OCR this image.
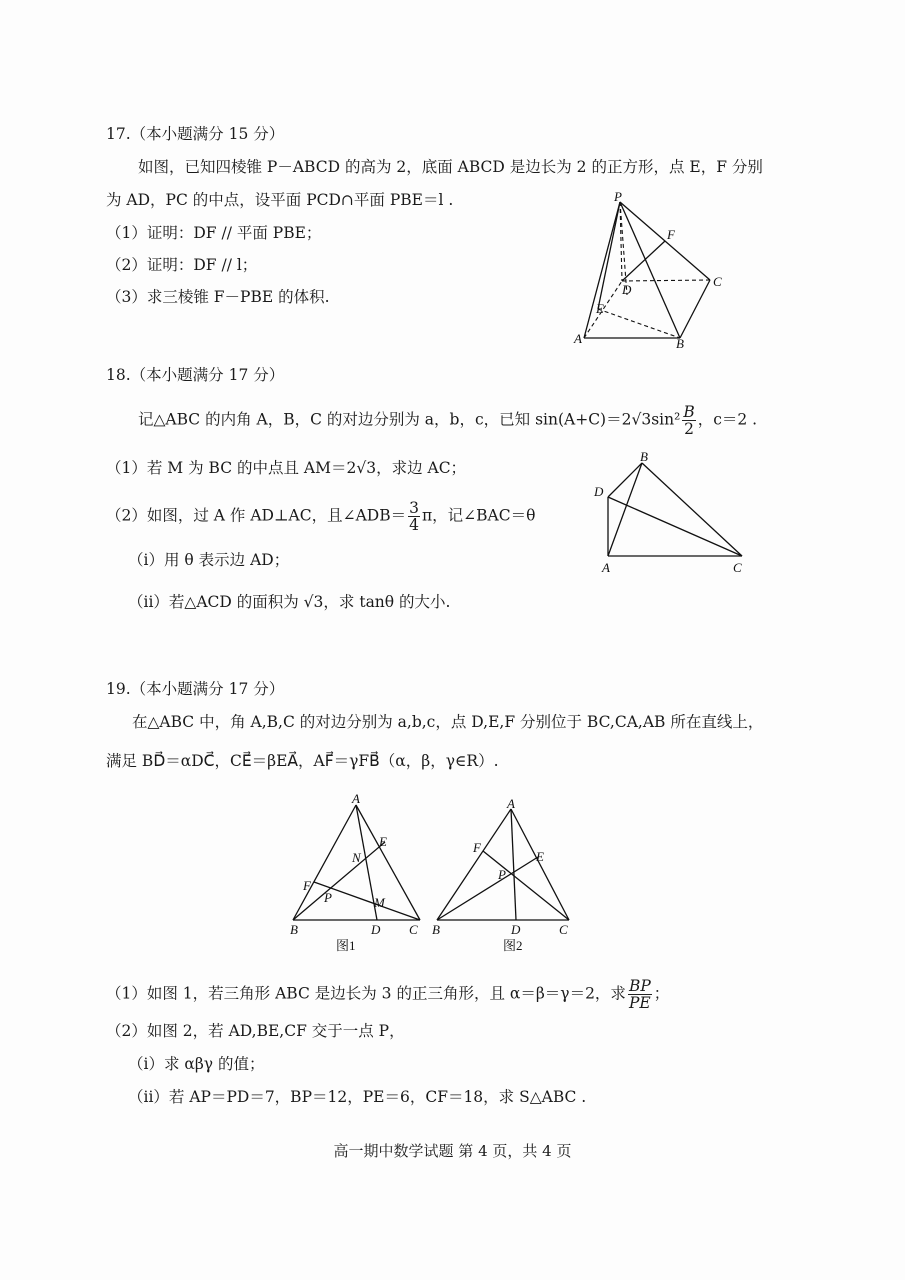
17.（本小题满分 15 分）
如图，已知四棱锥 P－ABCD 的高为 2，底面 ABCD 是边长为 2 的正方形，点 E，F 分别
为 AD，PC 的中点，设平面 PCD∩平面 PBE＝l .
（1）证明：DF // 平面 PBE；
（2）证明：DF // l；
（3）求三棱锥 F－PBE 的体积.
P
F
D
C
E
A	B
18.（本小题满分 17 分）
记△ABC 的内角 A，B，C 的对边分别为 a，b，c，已知 $\sin(A+C)=2√3\sin^2 \frac{B}{2}$ ，c＝2 .
（1）若 M 为 BC 的中点且 AM＝2√3，求边 AC；
（2）如图，过 A 作 AD⊥AC，且∠ADB＝ $\frac{3}{4}$ π，记∠BAC＝θ
（i）用 θ 表示边 AD；
（ii）若△ACD 的面积为 √3，求 tanθ 的大小.
B
D
A	C
19.（本小题满分 17 分）
在△ABC 中，角 A,B,C 的对边分别为 a,b,c，点 D,E,F 分别位于 BC,CA,AB 所在直线上，
满足 BD⃗＝αDC⃗，CE⃗＝βEA⃗，AF⃗＝γFB⃗（α，β，γ∈R）.
A
E
N
F
P	M
B	D C
图1
A
F
E
P
B	D	C
图2
（1）如图 1，若三角形 ABC 是边长为 3 的正三角形，且 α＝β＝γ＝2，求 $\frac{BP}{PE}$ ；
（2）如图 2，若 AD,BE,CF 交于一点 P，
（i）求 αβγ 的值；
（ii）若 AP＝PD＝7，BP＝12，PE＝6，CF＝18，求 S△ABC .
高一期中数学试题 第 4 页，共 4 页
